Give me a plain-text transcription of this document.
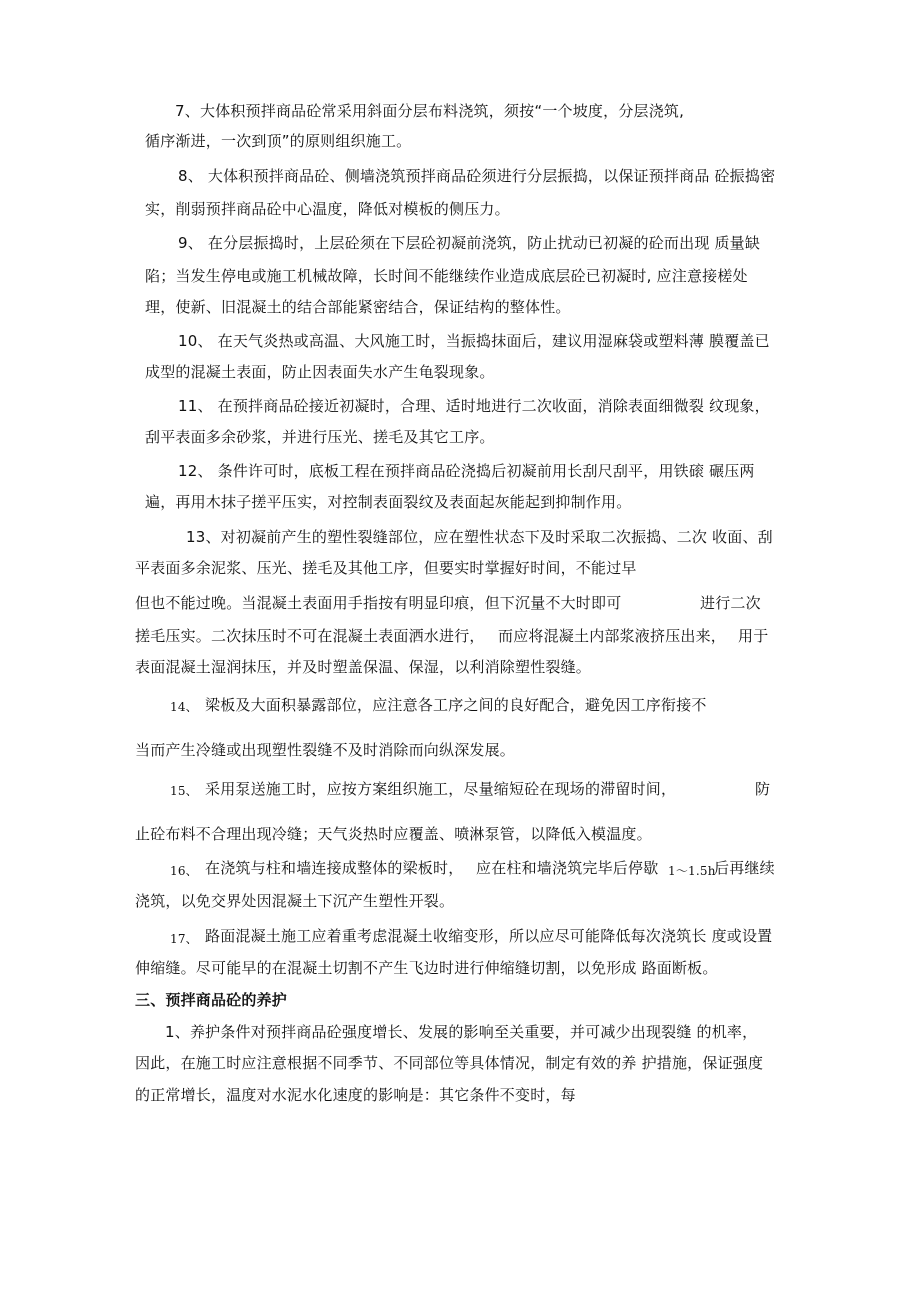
7、大体积预拌商品砼常采用斜面分层布料浇筑，须按“一个坡度，分层浇筑,
循序渐进，一次到顶”的原则组织施工。
8、 大体积预拌商品砼、侧墙浇筑预拌商品砼须进行分层振捣，以保证预拌商品 砼振捣密
实，削弱预拌商品砼中心温度，降低对模板的侧压力。
9、 在分层振捣时，上层砼须在下层砼初凝前浇筑，防止扰动已初凝的砼而出现 质量缺
陷；当发生停电或施工机械故障，长时间不能继续作业造成底层砼已初凝时, 应注意接槎处
理，使新、旧混凝土的结合部能紧密结合，保证结构的整体性。
10、 在天气炎热或高温、大风施工时，当振捣抹面后，建议用湿麻袋或塑料薄 膜覆盖已
成型的混凝土表面，防止因表面失水产生龟裂现象。
11、 在预拌商品砼接近初凝时，合理、适时地进行二次收面，消除表面细微裂 纹现象，
刮平表面多余砂浆，并进行压光、搓毛及其它工序。
12、 条件许可时，底板工程在预拌商品砼浇捣后初凝前用长刮尺刮平，用铁磙 碾压两
遍，再用木抹子搓平压实，对控制表面裂纹及表面起灰能起到抑制作用。
13、对初凝前产生的塑性裂缝部位，应在塑性状态下及时采取二次振捣、二次 收面、刮
平表面多余泥浆、压光、搓毛及其他工序，但要实时掌握好时间，不能过早
但也不能过晚。当混凝土表面用手指按有明显印痕，但下沉量不大时即可	进行二次
搓毛压实。二次抹压时不可在混凝土表面洒水进行， 而应将混凝土内部浆液挤压出来， 用于
表面混凝土湿润抹压，并及时塑盖保温、保湿，以利消除塑性裂缝。
14、 梁板及大面积暴露部位，应注意各工序之间的良好配合，避免因工序衔接不
当而产生冷缝或出现塑性裂缝不及时消除而向纵深发展。
15、 采用泵送施工时，应按方案组织施工，尽量缩短砼在现场的滞留时间，	防
止砼布料不合理出现冷缝；天气炎热时应覆盖、喷淋泵管，以降低入模温度。
16、 在浇筑与柱和墙连接成整体的梁板时， 应在柱和墙浇筑完毕后停歇 1～1.5h
后再继续
浇筑，以免交界处因混凝土下沉产生塑性开裂。
17、 路面混凝土施工应着重考虑混凝土收缩变形，所以应尽可能降低每次浇筑长 度或设置
伸缩缝。尽可能早的在混凝土切割不产生飞边时进行伸缩缝切割，以免形成 路面断板。
三、预拌商品砼的养护
1、养护条件对预拌商品砼强度增长、发展的影响至关重要，并可减少出现裂缝 的机率，
因此，在施工时应注意根据不同季节、不同部位等具体情况，制定有效的养 护措施，保证强度
的正常增长，温度对水泥水化速度的影响是：其它条件不变时，每
